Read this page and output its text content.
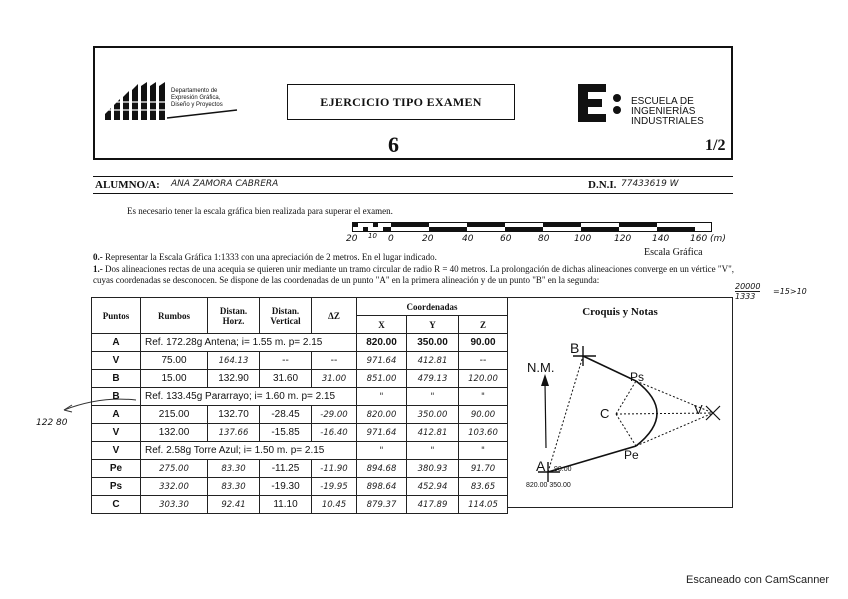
Departamento de
Expresión Gráfica,
Diseño y Proyectos	EJERCICIO TIPO EXAMEN
6	1/2
ESCUELA DE
INGENIERÍAS
INDUSTRIALES
ALUMNO/A: ANA ZAMORA CABRERA	D.N.I. 77433619 W
Es necesario tener la escala gráfica bien realizada para superar el examen.
20 10 0	20	40	60	80	100	120 140 160 (m)
Escala Gráfica
0.- Representar la Escala Gráfica 1:1333 con una apreciación de 2 metros. En el lugar indicado.
1.- Dos alineaciones rectas de una acequia se quieren unir mediante un tramo circular de radio R = 40 metros. La prolongación de dichas alineaciones converge en un vértice "V",
cuyas coordenadas se desconocen. Se dispone de las coordenadas de un punto "A" en la primera alineación y de un punto "B" en la segunda:
20000
=15>10
1333
122 80
Puntos	Rumbos	Distan. Horz.	Distan. Vertical	ΔZ	Coordenadas		
					X	Y	Z
A	Ref. 172.28g Antena; i= 1.55 m. p= 2.15				820.00	350.00	90.00
V	75.00	164.13	--	--	971.64	412.81	--
B	15.00	132.90	31.60	31.00	851.00	479.13	120.00
B	Ref. 133.45g Pararrayo; i= 1.60 m. p= 2.15				"	"	"
A	215.00	132.70	-28.45	-29.00	820.00	350.00	90.00
V	132.00	137.66	-15.85	-16.40	971.64	412.81	103.60
V	Ref. 2.58g Torre Azul; i= 1.50 m. p= 2.15				"	"	"
Pe	275.00	83.30	-11.25	-11.90	894.68	380.93	91.70
Ps	332.00	83.30	-19.30	-19.95	898.64	452.94	83.65
C	303.30	92.41	11.10	10.45	879.37	417.89	114.05
Croquis y Notas
N.M.
B
A 90.00
820.00 350.00
Ps
Pe
C	V
Escaneado con CamScanner
